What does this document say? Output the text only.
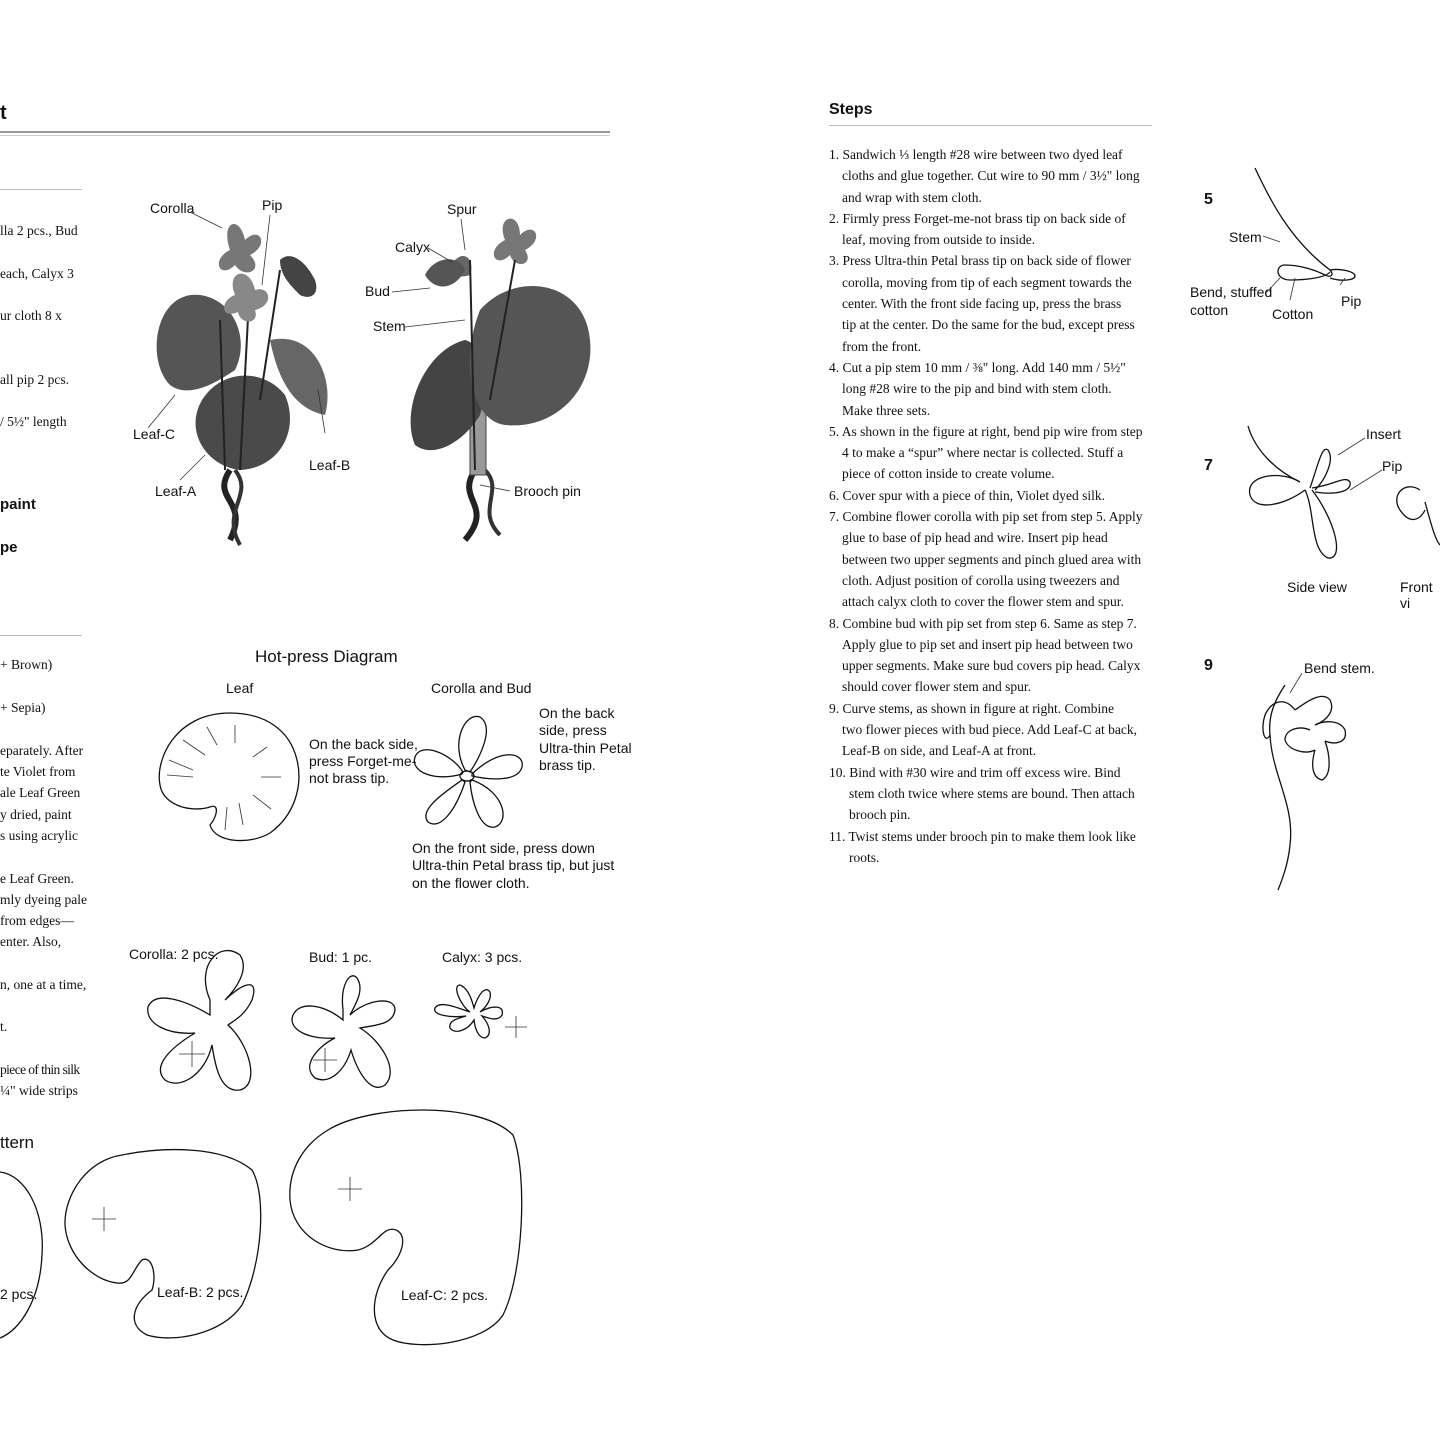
t
lla 2 pcs., Bud
each, Calyx 3
ur cloth 8 x
all pip 2 pcs.
/ 5½" length
paint
pe
+ Brown)
+ Sepia)
eparately. After
te Violet from
ale Leaf Green
y dried, paint
s using acrylic
e Leaf Green.
mly dyeing pale
from edges—
enter. Also,
n, one at a time,
t.
piece of thin silk
¼" wide strips
ttern
Corolla	Pip
Leaf-C
Leaf-A
Leaf-B
Spur
Calyx
Bud
Stem
Brooch pin
Hot-press Diagram
Leaf	Corolla and Bud
On the back side,
press Forget-me-
not brass tip.
On the back
side, press
Ultra-thin Petal
brass tip.
On the front side, press down
Ultra-thin Petal brass tip, but just
on the flower cloth.
Corolla: 2 pcs.	Bud: 1 pc.	Calyx: 3 pcs.
2 pcs.	Leaf-B: 2 pcs.	Leaf-C: 2 pcs.
Steps
1. Sandwich ⅓ length #28 wire between two dyed leaf
cloths and glue together. Cut wire to 90 mm / 3½" long
and wrap with stem cloth.
2. Firmly press Forget-me-not brass tip on back side of
leaf, moving from outside to inside.
3. Press Ultra-thin Petal brass tip on back side of flower
corolla, moving from tip of each segment towards the
center. With the front side facing up, press the brass
tip at the center. Do the same for the bud, except press
from the front.
4. Cut a pip stem 10 mm / ⅜" long. Add 140 mm / 5½"
long #28 wire to the pip and bind with stem cloth.
Make three sets.
5. As shown in the figure at right, bend pip wire from step
4 to make a “spur” where nectar is collected. Stuff a
piece of cotton inside to create volume.
6. Cover spur with a piece of thin, Violet dyed silk.
7. Combine flower corolla with pip set from step 5. Apply
glue to base of pip head and wire. Insert pip head
between two upper segments and pinch glued area with
cloth. Adjust position of corolla using tweezers and
attach calyx cloth to cover the flower stem and spur.
8. Combine bud with pip set from step 6. Same as step 7.
Apply glue to pip set and insert pip head between two
upper segments. Make sure bud covers pip head. Calyx
should cover flower stem and spur.
9. Curve stems, as shown in figure at right. Combine
two flower pieces with bud piece. Add Leaf-C at back,
Leaf-B on side, and Leaf-A at front.
10. Bind with #30 wire and trim off excess wire. Bind
stem cloth twice where stems are bound. Then attach
brooch pin.
11. Twist stems under brooch pin to make them look like
roots.
5
Stem
Bend, stuffed
cotton	Cotton
Pip
7
Insert
Pip
Side view	Front vi
9	Bend stem.
